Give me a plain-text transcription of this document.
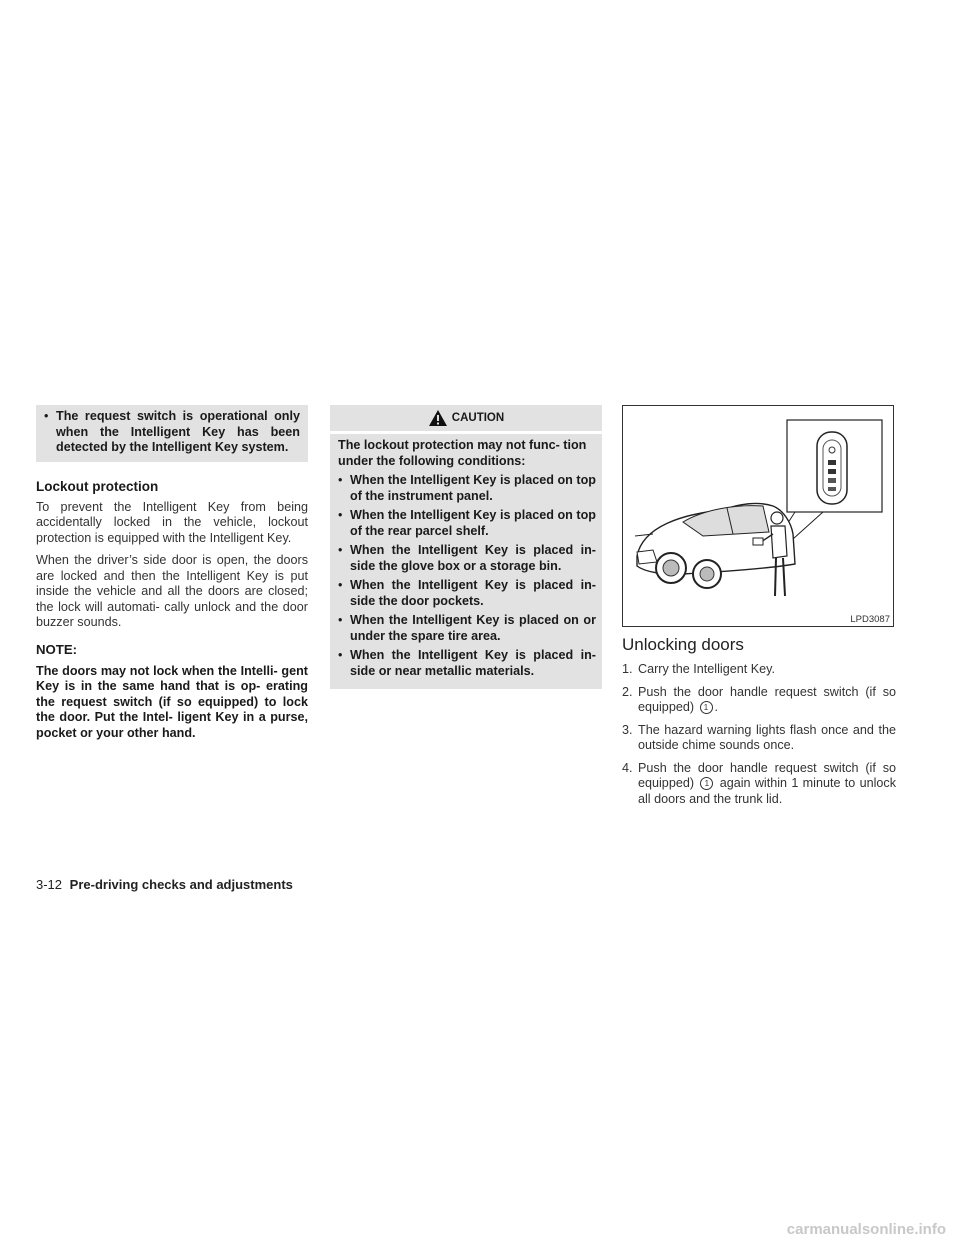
• The request switch is operational only when the Intelligent Key has been detected by the Intelligent Key system.
Lockout protection

To prevent the Intelligent Key from being accidentally locked in the vehicle, lockout protection is equipped with the Intelligent Key.

When the driver’s side door is open, the doors are locked and then the Intelligent Key is put inside the vehicle and all the doors are closed; the lock will automati- cally unlock and the door buzzer sounds.

NOTE:
The doors may not lock when the Intelli- gent Key is in the same hand that is op- erating the request switch (if so equipped) to lock the door. Put the Intel- ligent Key in a purse, pocket or your other hand.
CAUTION
The lockout protection may not func- tion under the following conditions:
• When the Intelligent Key is placed on top of the instrument panel.
• When the Intelligent Key is placed on top of the rear parcel shelf.
• When the Intelligent Key is placed in- side the glove box or a storage bin.
• When the Intelligent Key is placed in- side the door pockets.
• When the Intelligent Key is placed on or under the spare tire area.
• When the Intelligent Key is placed in- side or near metallic materials.
LPD3087
Unlocking doors
1. Carry the Intelligent Key.
2. Push the door handle request switch (if so equipped) 1 .
3. The hazard warning lights flash once and the outside chime sounds once.
4. Push the door handle request switch (if so equipped) 1 again within 1 minute to unlock all doors and the trunk lid.
3-12 Pre-driving checks and adjustments
carmanualsonline.info
